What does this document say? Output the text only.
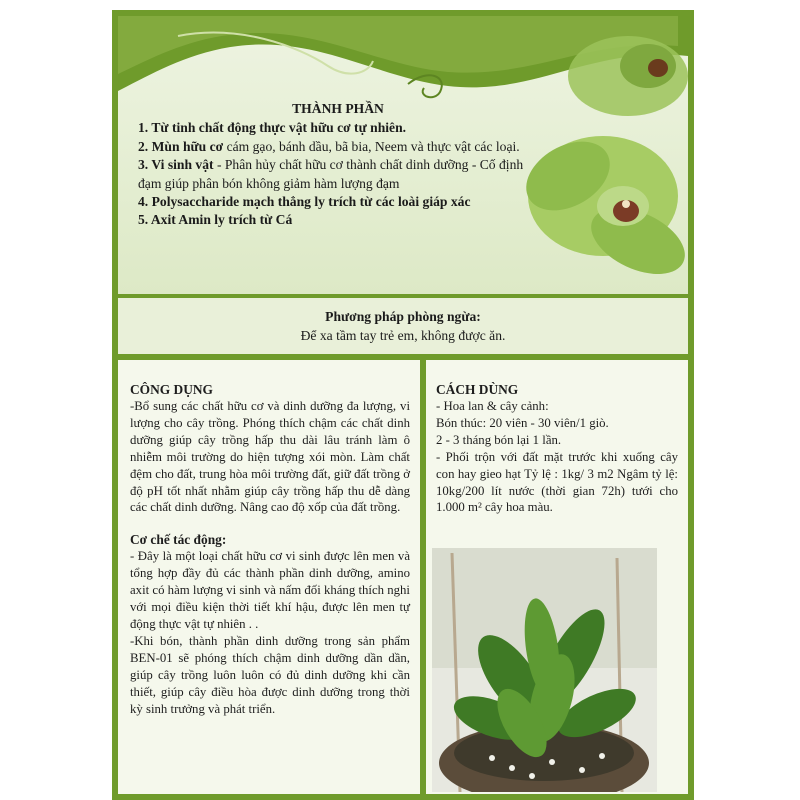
THÀNH PHẦN

1. Từ tinh chất động thực vật hữu cơ tự nhiên.

2. Mùn hữu cơ cám gạo, bánh dầu, bã bia, Neem và thực vật các loại.

3. Vi sinh vật - Phân hủy chất hữu cơ thành chất dinh dưỡng - Cố định đạm giúp phân bón không giảm hàm lượng đạm

4. Polysaccharide mạch thẳng ly trích từ các loài giáp xác

5. Axit Amin ly trích từ Cá

Phương pháp phòng ngừa:
Để xa tầm tay trẻ em, không được ăn.
CÔNG DỤNG

-Bổ sung các chất hữu cơ và dinh dưỡng đa lượng, vi lượng cho cây trồng. Phóng thích chậm các chất dinh dưỡng giúp cây trồng hấp thu dài lâu tránh làm ô nhiễm môi trường do hiện tượng xói mòn. Làm chất đệm cho đất, trung hòa môi trường đất, giữ đất trồng ở độ pH tốt nhất nhằm giúp cây trồng hấp thu dễ dàng các chất dinh dưỡng. Nâng cao độ xốp của đất trồng.

Cơ chế tác động:

- Đây là một loại chất hữu cơ vi sinh được lên men và tổng hợp đầy đủ các thành phần dinh dưỡng, amino axit có hàm lượng vi sinh và nấm đối kháng thích nghi với mọi điều kiện thời tiết khí hậu, được lên men tự động thực vật tự nhiên . .

-Khi bón, thành phần dinh dưỡng trong sản phẩm BEN-01 sẽ phóng thích chậm dinh dưỡng dần dần, giúp cây trồng luôn luôn có đủ dinh dưỡng khi cần thiết, giúp cây điều hòa được dinh dưỡng trong thời kỳ sinh trưởng và phát triển.

CÁCH DÙNG

- Hoa lan & cây cảnh:

Bón thúc: 20 viên - 30 viên/1 giò.

2 - 3 tháng bón lại 1 lần.

- Phối trộn với đất mặt trước khi xuống cây con hay gieo hạt Tỷ lệ : 1kg/ 3 m2 Ngâm tỷ lệ: 10kg/200 lít nước (thời gian 72h) tưới cho 1.000 m² cây hoa màu.
